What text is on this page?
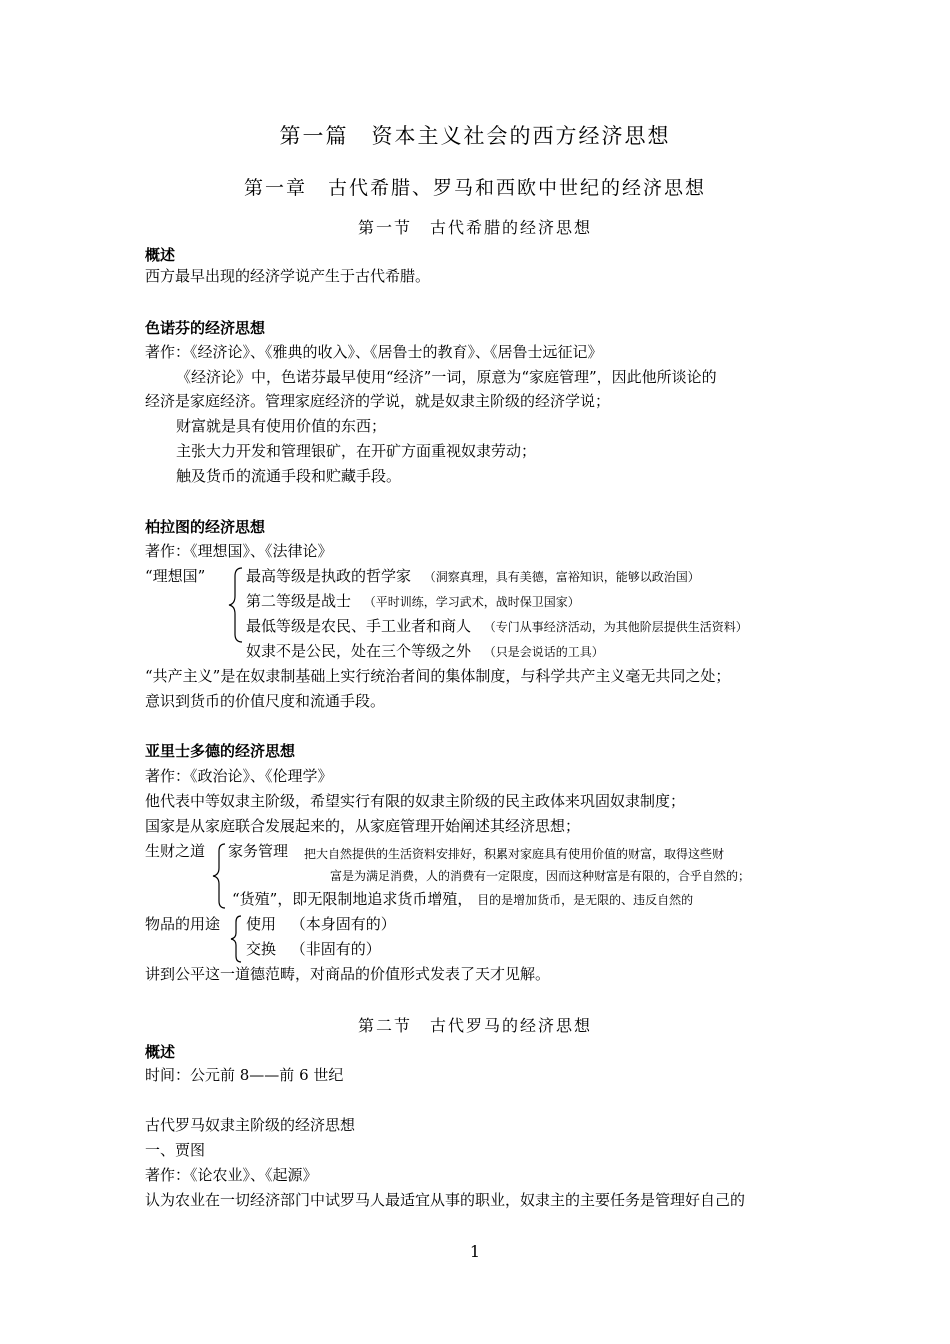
第一篇　资本主义社会的西方经济思想
第一章　古代希腊、罗马和西欧中世纪的经济思想
第一节　古代希腊的经济思想
概述
西方最早出现的经济学说产生于古代希腊。
色诺芬的经济思想
著作：《经济论》、《雅典的收入》、《居鲁士的教育》、《居鲁士远征记》
《经济论》中，色诺芬最早使用“经济”一词，原意为“家庭管理”，因此他所谈论的
经济是家庭经济。管理家庭经济的学说，就是奴隶主阶级的经济学说；
财富就是具有使用价值的东西；
主张大力开发和管理银矿，在开矿方面重视奴隶劳动；
触及货币的流通手段和贮藏手段。
柏拉图的经济思想
著作：《理想国》、《法律论》
“理想国”	最高等级是执政的哲学家 （洞察真理，具有美德，富裕知识，能够以政治国）
第二等级是战士 （平时训练，学习武术，战时保卫国家）
最低等级是农民、手工业者和商人 （专门从事经济活动，为其他阶层提供生活资料）
奴隶不是公民，处在三个等级之外 （只是会说话的工具）
“共产主义”是在奴隶制基础上实行统治者间的集体制度，与科学共产主义毫无共同之处；
意识到货币的价值尺度和流通手段。
亚里士多德的经济思想
著作：《政治论》、《伦理学》
他代表中等奴隶主阶级，希望实行有限的奴隶主阶级的民主政体来巩固奴隶制度；
国家是从家庭联合发展起来的，从家庭管理开始阐述其经济思想；
生财之道 家务管理 把大自然提供的生活资料安排好，积累对家庭具有使用价值的财富，取得这些财
富是为满足消费，人的消费有一定限度，因而这种财富是有限的，合乎自然的；
“货殖”，即无限制地追求货币增殖， 目的是增加货币，是无限的、违反自然的
物品的用途 使用 （本身固有的）
交换 （非固有的）
讲到公平这一道德范畴，对商品的价值形式发表了天才见解。
第二节　古代罗马的经济思想
概述
时间：公元前 8——前 6 世纪
古代罗马奴隶主阶级的经济思想
一、贾图
著作：《论农业》、《起源》
认为农业在一切经济部门中试罗马人最适宜从事的职业，奴隶主的主要任务是管理好自己的
1
